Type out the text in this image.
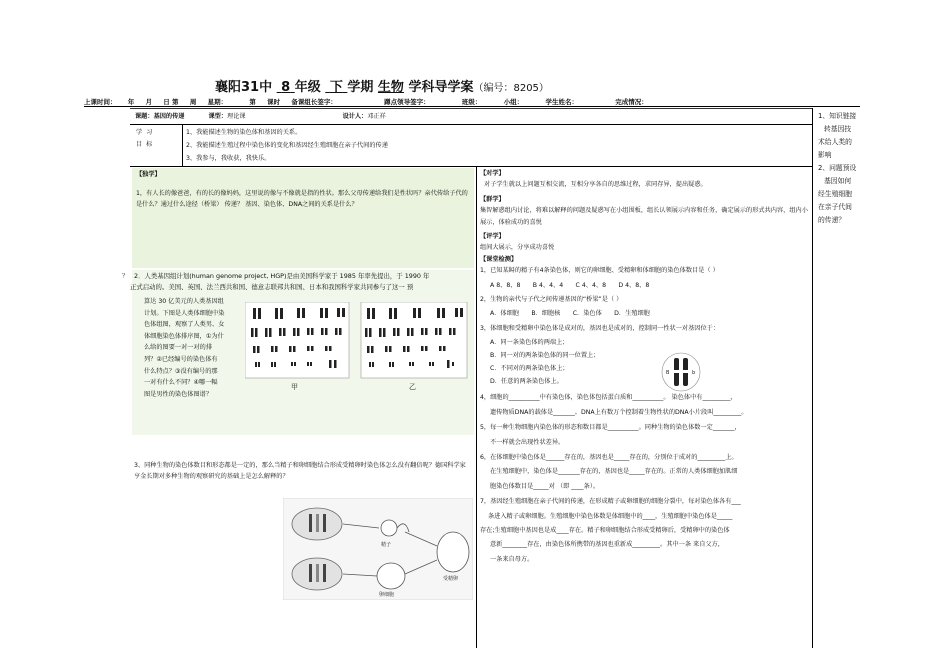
襄阳31中 8 年级 下 学期 生物 学科导学案（编号：8205）
上课时间： 年 月 日 第 周 星期：	第 课时 备课组长签字：	蹲点领导签字：	班级：	小组：	学生姓名：	完成情况：
课题：基因的传递	课型：理论课	设计人：邓正祥
学 习
目 标
1、我能描述生物的染色体和基因的关系。
2、我能描述生殖过程中染色体的变化和基因经生殖细胞在亲子代间的传递
3、我参与，我收获，我快乐。
1、知识链接
转基因技
术给人类的
影响
2、问题预设
基因如何
经生殖细胞
在亲子代间
的传递？
【独学】
1，有人长的像爸爸，有的长的像妈妈，这里说的像与不像就是指的性状。那么父母传递给我们是性状吗？亲代传给子代的是什么？通过什么途径（桥梁） 传递？ 基因、染色体、DNA之间的关系是什么？
？ 2．人类基因组计划(human genome project, HGP)是由美国科学家于 1985 年率先提出，于 1990 年
正式启动的。美国、英国、法兰西共和国、德意志联邦共和国、日本和我国科学家共同参与了这一 预
算达 30 亿美元的人类基因组
计划。下图是人类体细胞中染
色体组图，观察了人类男、女
体细胞染色体排序图，①为什
么给的图要一对一对的排
列？②已经编号的染色体有
什么特点？③没有编号的那
一对有什么不同？④哪一幅
图是男性的染色体图谱？
甲	乙
3、同种生物的染色体数目和形态都是一定的，那么当精子和卵细胞结合形成受精卵时染色体怎么没有翻倍呢？德国科学家亨金长期对多种生物的观察研究的基础上是怎么解释的？
精子
卵细胞
受精卵
【对学】
对子学生就以上问题互相交流，互相分享各自的思维过程，求同存异，提出疑惑。
【群学】
集智解惑组内讨论，将难以解释的问题及疑惑写在小组围板，组长认领展示内容和任务，确定展示的形式共内容，组内小展示，体验成功的喜悦
【评学】
组间大展示，分享成功喜悦
【课堂检测】
1，已知某鲟的精子有4条染色体，则它的卵细胞、受精卵和体细胞的染色体数目是（ ）
A 8、8、8　　B 4、4、4　　C 4、4、8　　D 4、8、8
2，生物的亲代与子代之间传递基因的“桥梁”是（ ）
A．体细胞　　B．细胞核　　C．染色体　　D．生殖细胞
3，体细胞和受精卵中染色体是成对的，基因也是成对的，控制同一性状一对基因位于：
A．同一条染色体的两端上；
B．同一对的两条染色体的同一位置上；
C．不同对的两条染色体上；
D．任意的两条染色体上。
4，细胞的__________中有染色体，染色体包括蛋白质和__________。 染色体中有_________，
遗传物质DNA的载体是_______。DNA上有数万个控制着生物性状的DNA小片段叫_________。
5，每一种生物细胞内染色体的形态和数目都是__________。同种生物的染色体数一定_______，
不一样就会出现性状差异。
6，在体细胞中染色体是______存在的，基因也是_____存在的，分别位于成对的_________上。
在生殖细胞中，染色体是_______存在的，基因也是_____存在的。正常的人类体细胞加肌细
胞染色体数目是_____对 （即 ____条）。
7，基因经生殖细胞在亲子代间的传递，在形成精子或卵细胞的细胞分裂中，每对染色体各有___
条进入精子或卵细胞。生殖细胞中染色体数是体细胞中的____，生殖细胞中染色体是_____
存在;生殖细胞中基因也是成____存在。精子和卵细胞结合形成受精卵后，受精卵中的染色体
意新________存在，由染色体所携带的基因也重新成_________。其中一条 来自父方，
一条来自母方。
B	b
